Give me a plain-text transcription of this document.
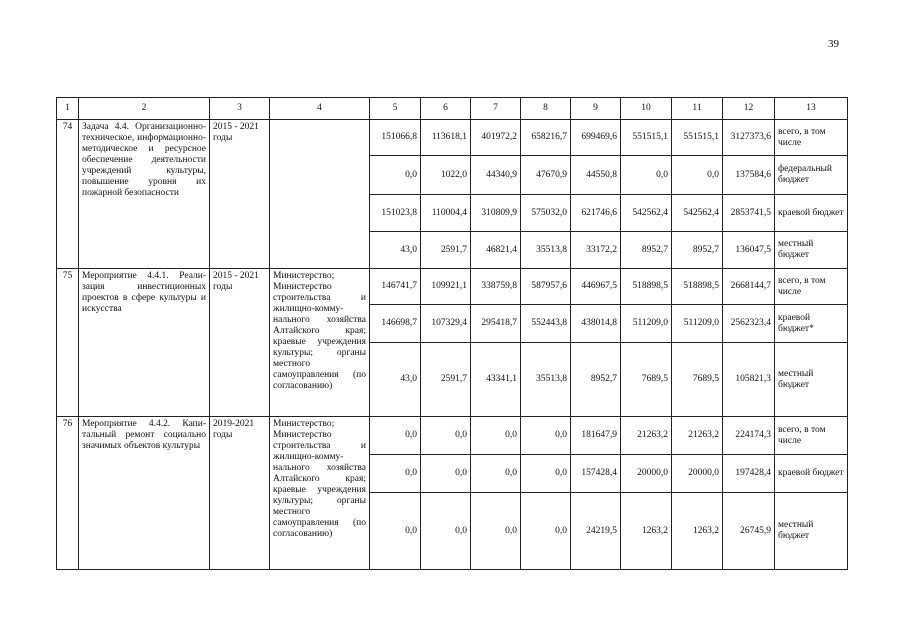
39
1	2	3	4	5	6	7	8	9	10	11	12	13
74	Задача 4.4. Организационно-техническое, информационно-методическое и ресурсное обеспечение деятельности учреждений культуры, повышение уровня их пожарной безопасности	2015 - 2021 годы		151066,8	113618,1	401972,2	658216,7	699469,6	551515,1	551515,1	3127373,6	всего, в том числе
				0,0	1022,0	44340,9	47670,9	44550,8	0,0	0,0	137584,6	федеральный бюджет
				151023,8	110004,4	310809,9	575032,0	621746,6	542562,4	542562,4	2853741,5	краевой бюджет
				43,0	2591,7	46821,4	35513,8	33172,2	8952,7	8952,7	136047,5	местный бюджет
75	Мероприятие 4.4.1. Реализация инвестиционных проектов в сфере культуры и искусства	2015 - 2021 годы	Министерство; Министерство строительства и жилищно-коммунального хозяйства Алтайского края; краевые учреждения культуры; органы местного самоуправления (по согласованию)	146741,7	109921,1	338759,8	587957,6	446967,5	518898,5	518898,5	2668144,7	всего, в том числе
				146698,7	107329,4	295418,7	552443,8	438014,8	511209,0	511209,0	2562323,4	краевой бюджет*
				43,0	2591,7	43341,1	35513,8	8952,7	7689,5	7689,5	105821,3	местный бюджет
76	Мероприятие 4.4.2. Капитальный ремонт социально значимых объектов культуры	2019-2021 годы	Министерство; Министерство строительства и жилищно-коммунального хозяйства Алтайского края; краевые учреждения культуры; органы местного самоуправления (по согласованию)	0,0	0,0	0,0	0,0	181647,9	21263,2	21263,2	224174,3	всего, в том числе
				0,0	0,0	0,0	0,0	157428,4	20000,0	20000,0	197428,4	краевой бюджет
				0,0	0,0	0,0	0,0	24219,5	1263,2	1263,2	26745,9	местный бюджет
